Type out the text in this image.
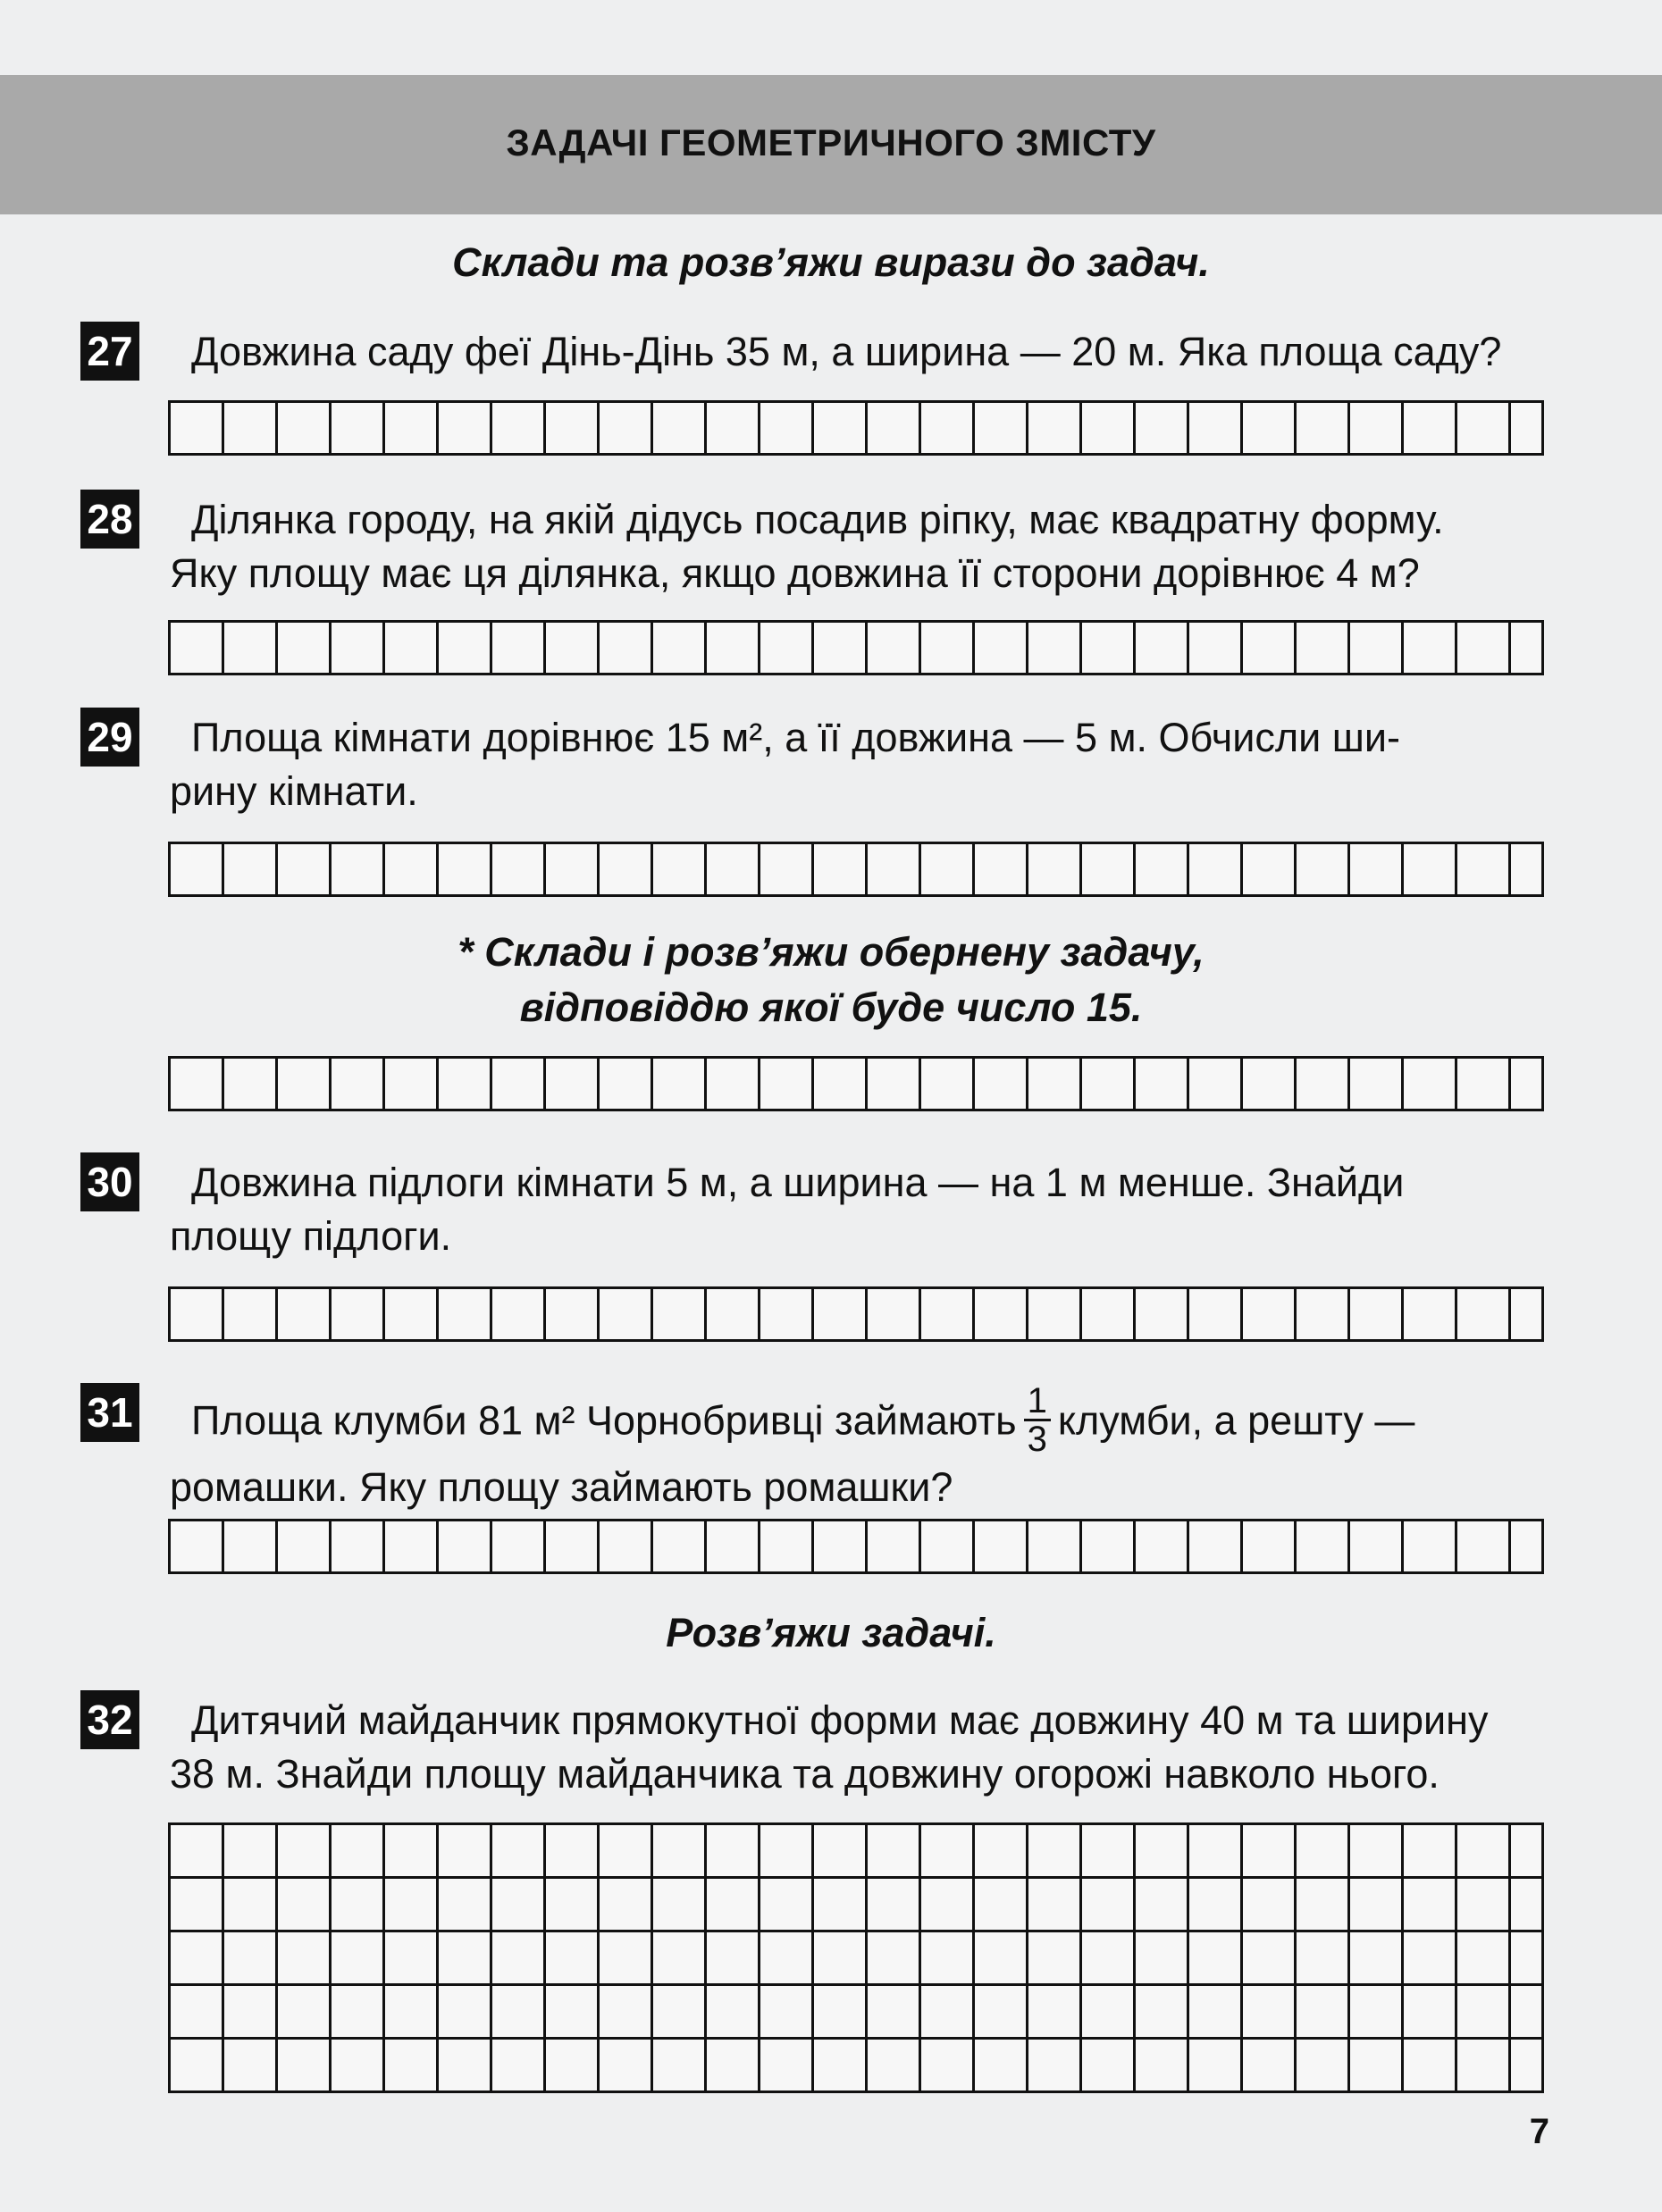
ЗАДАЧІ ГЕОМЕТРИЧНОГО ЗМІСТУ
Склади та розв’яжи вирази до задач.
27	Довжина саду феї Дінь-Дінь 35 м, а ширина — 20 м. Яка площа саду?
28	Ділянка городу, на якій дідусь посадив ріпку, має квадратну форму.
Яку площу має ця ділянка, якщо довжина її сторони дорівнює 4 м?
29	Площа кімнати дорівнює 15 м², а її довжина — 5 м. Обчисли ши-
рину кімнати.
* Склади і розв’яжи обернену задачу,
відповіддю якої буде число 15.
30	Довжина підлоги кімнати 5 м, а ширина — на 1 м менше. Знайди
площу підлоги.
31	Площа клумби 81 м² Чорнобривці займають $\frac{1}{3}$ клумби, а решту —
ромашки. Яку площу займають ромашки?
Розв’яжи задачі.
32	Дитячий майданчик прямокутної форми має довжину 40 м та ширину
38 м. Знайди площу майданчика та довжину огорожі навколо нього.
7
